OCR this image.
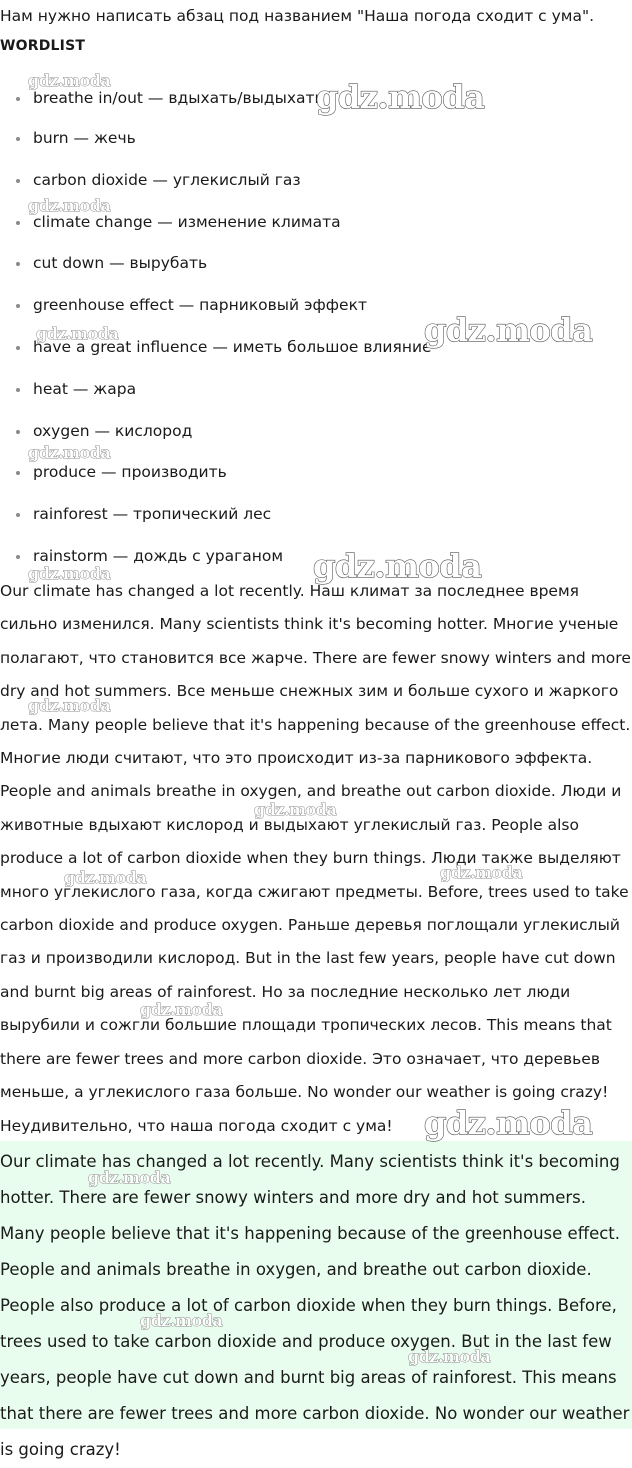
Нам нужно написать абзац под названием "Наша погода сходит с ума".
WORDLIST
breathe in/out — вдыхать/выдыхать
burn — жечь
carbon dioxide — углекислый газ
climate change — изменение климата
cut down — вырубать
greenhouse effect — парниковый эффект
have a great influence — иметь большое влияние
heat — жара
oxygen — кислород
produce — производить
rainforest — тропический лес
rainstorm — дождь с ураганом

Our climate has changed a lot recently. Наш климат за последнее время сильно изменился. Many scientists think it's becoming hotter. Многие ученые полагают, что становится все жарче. There are fewer snowy winters and more dry and hot summers. Все меньше снежных зим и больше сухого и жаркого лета. Many people believe that it's happening because of the greenhouse effect. Многие люди считают, что это происходит из-за парникового эффекта. People and animals breathe in oxygen, and breathe out carbon dioxide. Люди и животные вдыхают кислород и выдыхают углекислый газ. People also produce a lot of carbon dioxide when they burn things. Люди также выделяют много углекислого газа, когда сжигают предметы. Before, trees used to take carbon dioxide and produce oxygen. Раньше деревья поглощали углекислый газ и производили кислород. But in the last few years, people have cut down and burnt big areas of rainforest. Но за последние несколько лет люди вырубили и сожгли большие площади тропических лесов. This means that there are fewer trees and more carbon dioxide. Это означает, что деревьев меньше, а углекислого газа больше. No wonder our weather is going crazy! Неудивительно, что наша погода сходит с ума!

Our climate has changed a lot recently. Many scientists think it's becoming hotter. There are fewer snowy winters and more dry and hot summers. Many people believe that it's happening because of the greenhouse effect. People and animals breathe in oxygen, and breathe out carbon dioxide. People also produce a lot of carbon dioxide when they burn things. Before, trees used to take carbon dioxide and produce oxygen. But in the last few years, people have cut down and burnt big areas of rainforest. This means that there are fewer trees and more carbon dioxide. No wonder our weather is going crazy!

gdz.moda	gdz.moda
gdz.moda
gdz.moda	gdz.moda
gdz.moda
gdz.moda	gdz.moda
gdz.moda
gdz.moda
gdz.moda	gdz.moda
gdz.moda
gdz.moda
gdz.moda
gdz.moda
gdz.moda
